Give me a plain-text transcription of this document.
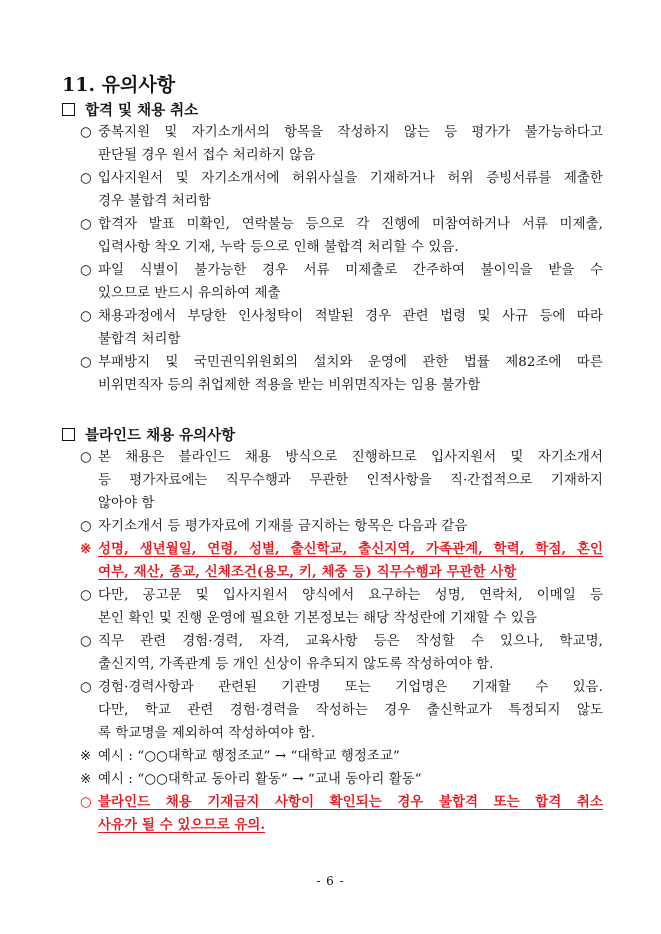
11. 유의사항
합격 및 채용 취소
○ 중복지원 및 자기소개서의 항목을 작성하지 않는 등 평가가 불가능하다고
판단될 경우 원서 접수 처리하지 않음
○ 입사지원서 및 자기소개서에 허위사실을 기재하거나 허위 증빙서류를 제출한
경우 불합격 처리함
○ 합격자 발표 미확인, 연락불능 등으로 각 진행에 미참여하거나 서류 미제출,
입력사항 착오 기재, 누락 등으로 인해 불합격 처리할 수 있음.
○ 파일 식별이 불가능한 경우 서류 미제출로 간주하여 불이익을 받을 수
있으므로 반드시 유의하여 제출
○ 채용과정에서 부당한 인사청탁이 적발된 경우 관련 법령 및 사규 등에 따라
불합격 처리함
○ 부패방지 및 국민권익위원회의 설치와 운영에 관한 법률 제82조에 따른
비위면직자 등의 취업제한 적용을 받는 비위면직자는 임용 불가함
블라인드 채용 유의사항
○ 본 채용은 블라인드 채용 방식으로 진행하므로 입사지원서 및 자기소개서
등 평가자료에는 직무수행과 무관한 인적사항을 직·간접적으로 기재하지
않아야 함
○ 자기소개서 등 평가자료에 기재를 금지하는 항목은 다음과 같음
※ 성명, 생년월일, 연령, 성별, 출신학교, 출신지역, 가족관계, 학력, 학점, 혼인
여부, 재산, 종교, 신체조건(용모, 키, 체중 등) 직무수행과 무관한 사항
○ 다만, 공고문 및 입사지원서 양식에서 요구하는 성명, 연락처, 이메일 등
본인 확인 및 진행 운영에 필요한 기본정보는 해당 작성란에 기재할 수 있음
○ 직무 관련 경험·경력, 자격, 교육사항 등은 작성할 수 있으나, 학교명,
출신지역, 가족관계 등 개인 신상이 유추되지 않도록 작성하여야 함.
○ 경험·경력사항과 관련된 기관명 또는 기업명은 기재할 수 있음.
다만, 학교 관련 경험·경력을 작성하는 경우 출신학교가 특정되지 않도
록 학교명을 제외하여 작성하여야 함.
※ 예시 : “○○대학교 행정조교” → “대학교 행정조교”
※ 예시 : “○○대학교 동아리 활동” → “교내 동아리 활동”
○ 블라인드 채용 기재금지 사항이 확인되는 경우 불합격 또는 합격 취소
사유가 될 수 있으므로 유의.
- 6 -
